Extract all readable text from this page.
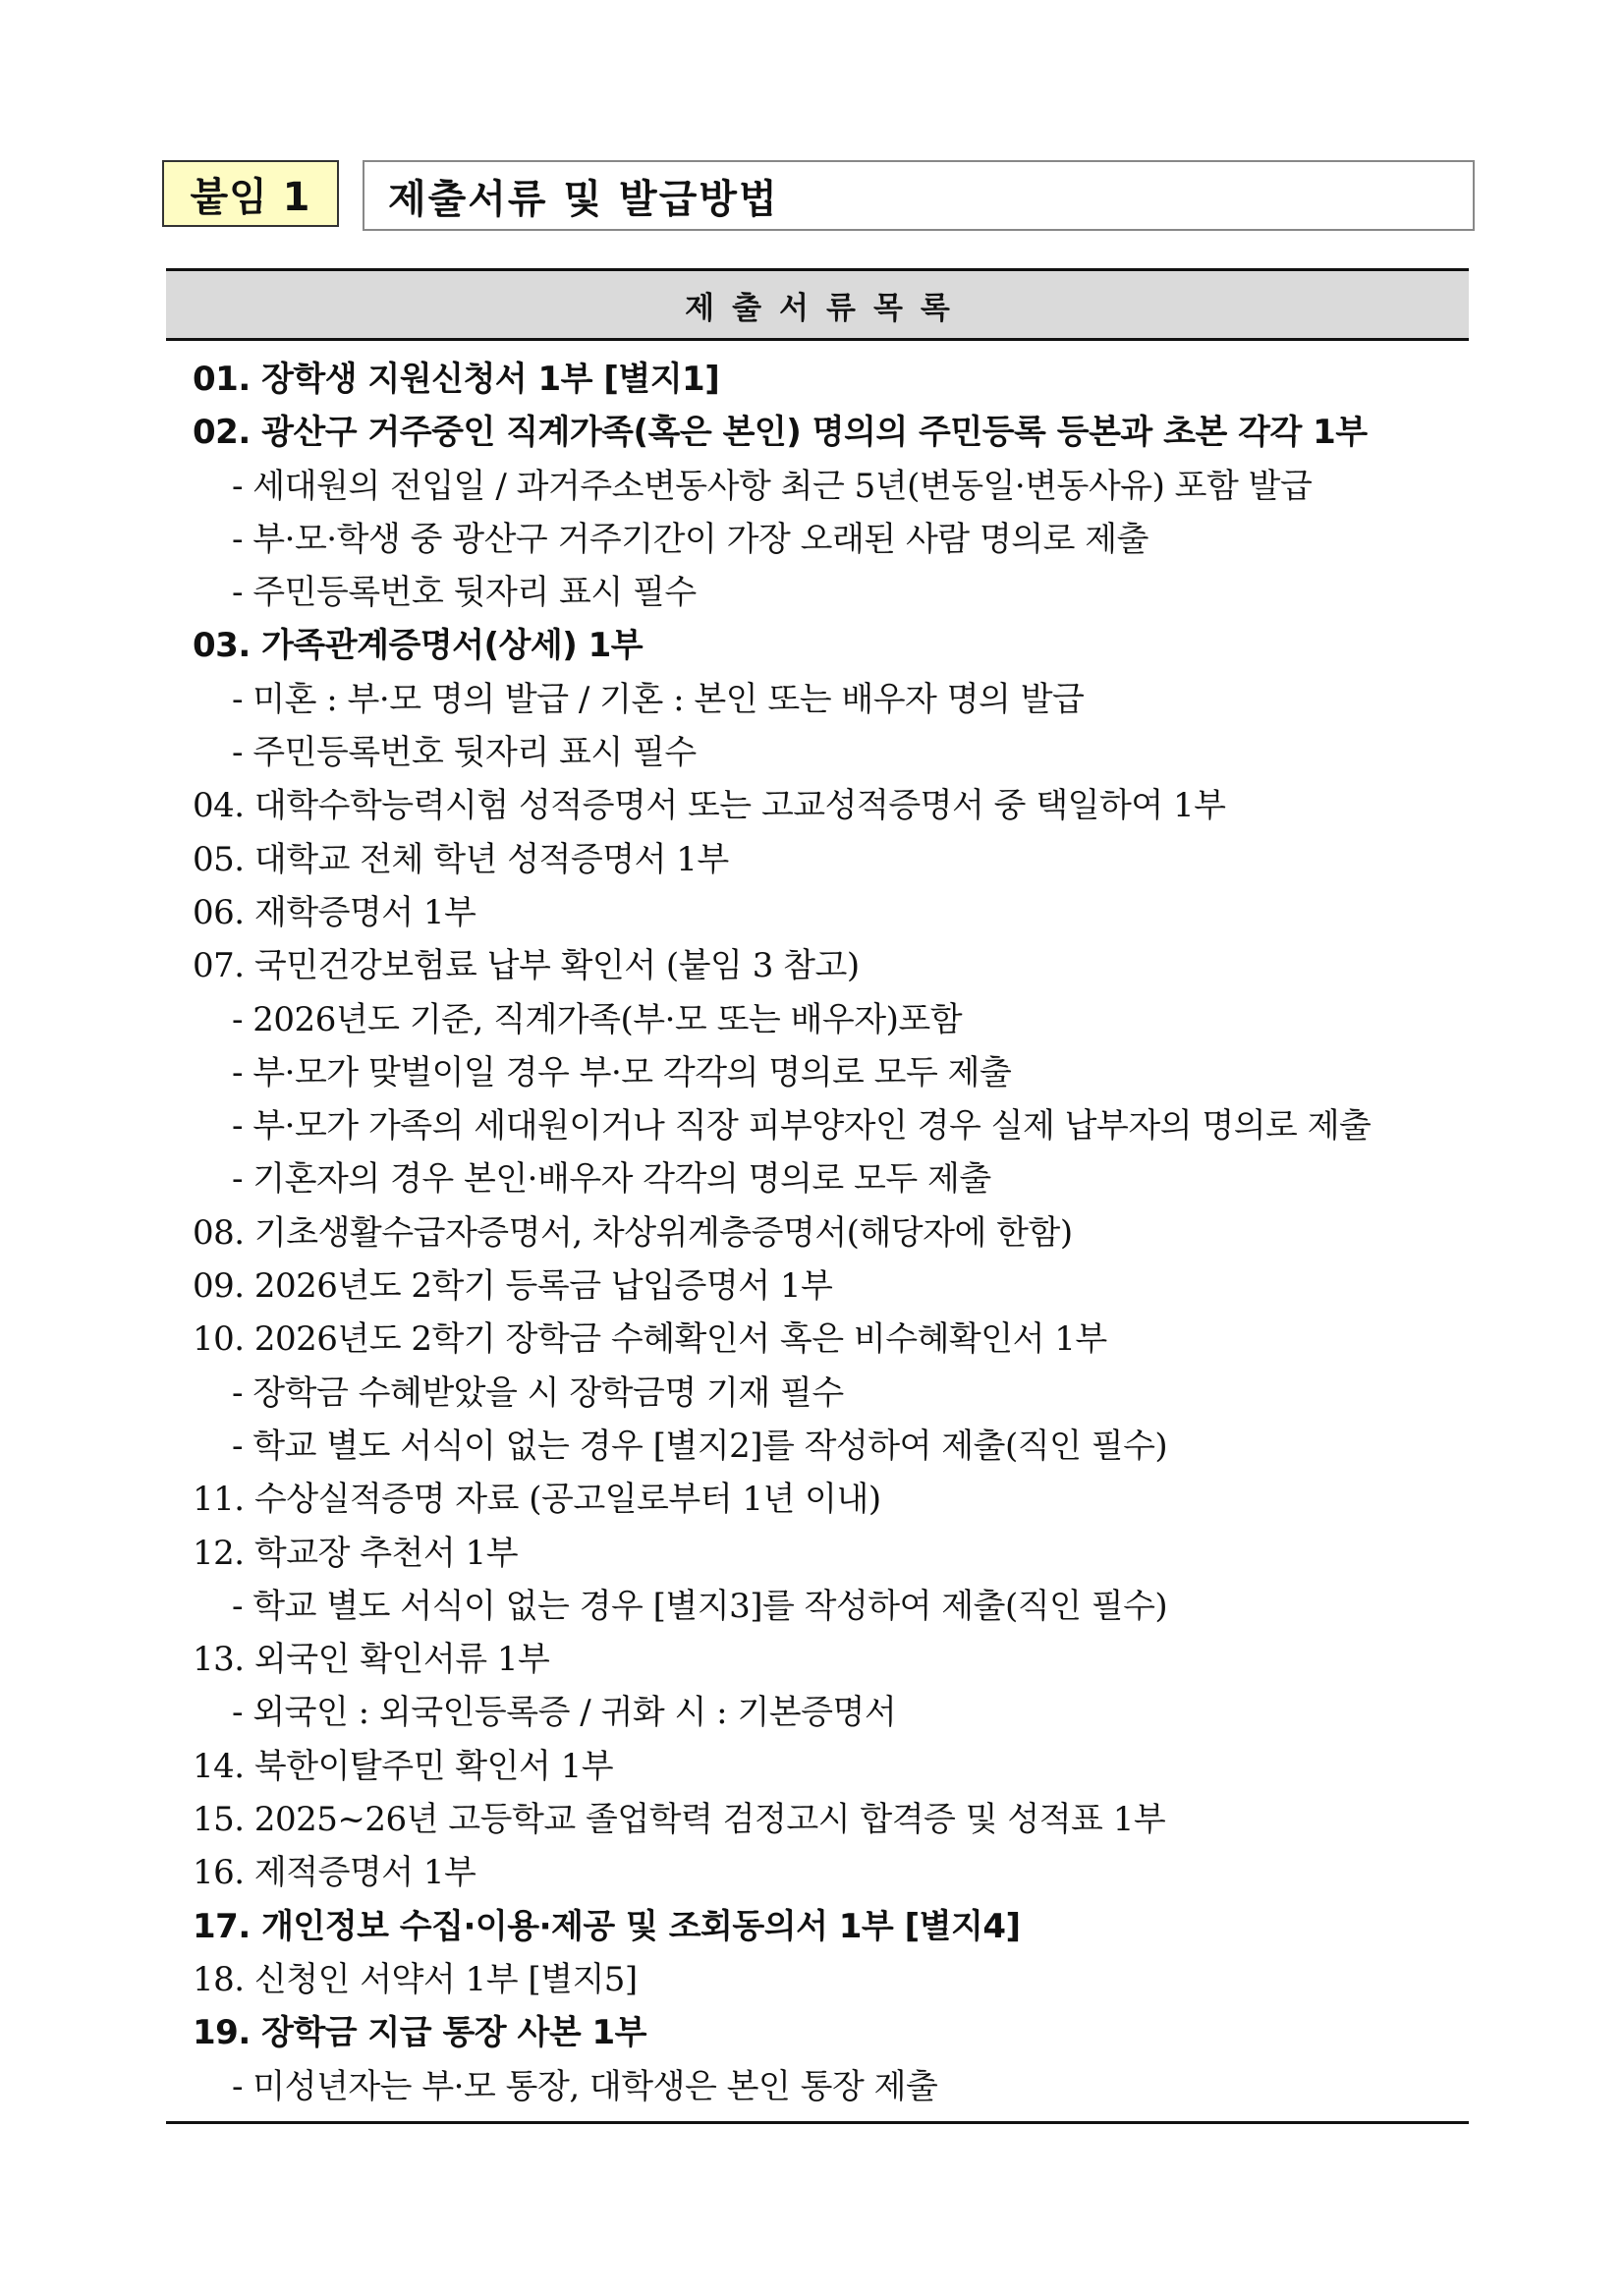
붙임 1	제출서류 및 발급방법
제출서류목록
01. 장학생 지원신청서 1부 [별지1]
02. 광산구 거주중인 직계가족(혹은 본인) 명의의 주민등록 등본과 초본 각각 1부
- 세대원의 전입일 / 과거주소변동사항 최근 5년(변동일·변동사유) 포함 발급
- 부·모·학생 중 광산구 거주기간이 가장 오래된 사람 명의로 제출
- 주민등록번호 뒷자리 표시 필수
03. 가족관계증명서(상세) 1부
- 미혼 : 부·모 명의 발급 / 기혼 : 본인 또는 배우자 명의 발급
- 주민등록번호 뒷자리 표시 필수
04. 대학수학능력시험 성적증명서 또는 고교성적증명서 중 택일하여 1부
05. 대학교 전체 학년 성적증명서 1부
06. 재학증명서 1부
07. 국민건강보험료 납부 확인서 (붙임 3 참고)
- 2026년도 기준, 직계가족(부·모 또는 배우자)포함
- 부·모가 맞벌이일 경우 부·모 각각의 명의로 모두 제출
- 부·모가 가족의 세대원이거나 직장 피부양자인 경우 실제 납부자의 명의로 제출
- 기혼자의 경우 본인·배우자 각각의 명의로 모두 제출
08. 기초생활수급자증명서, 차상위계층증명서(해당자에 한함)
09. 2026년도 2학기 등록금 납입증명서 1부
10. 2026년도 2학기 장학금 수혜확인서 혹은 비수혜확인서 1부
- 장학금 수혜받았을 시 장학금명 기재 필수
- 학교 별도 서식이 없는 경우 [별지2]를 작성하여 제출(직인 필수)
11. 수상실적증명 자료 (공고일로부터 1년 이내)
12. 학교장 추천서 1부
- 학교 별도 서식이 없는 경우 [별지3]를 작성하여 제출(직인 필수)
13. 외국인 확인서류 1부
- 외국인 : 외국인등록증 / 귀화 시 : 기본증명서
14. 북한이탈주민 확인서 1부
15. 2025~26년 고등학교 졸업학력 검정고시 합격증 및 성적표 1부
16. 제적증명서 1부
17. 개인정보 수집·이용·제공 및 조회동의서 1부 [별지4]
18. 신청인 서약서 1부 [별지5]
19. 장학금 지급 통장 사본 1부
- 미성년자는 부·모 통장, 대학생은 본인 통장 제출
